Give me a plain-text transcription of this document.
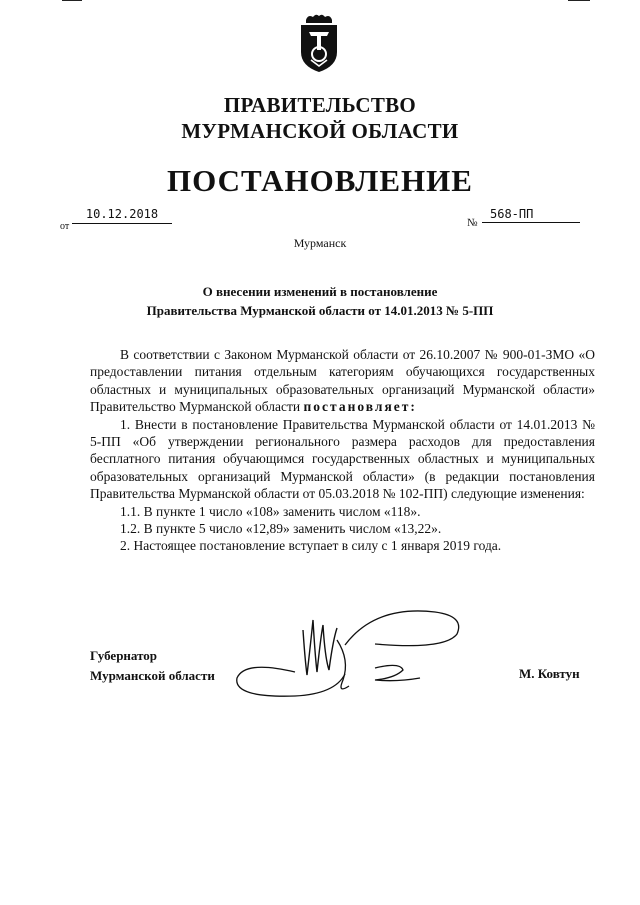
ПРАВИТЕЛЬСТВО
МУРМАНСКОЙ ОБЛАСТИ
ПОСТАНОВЛЕНИЕ
от
10.12.2018
№
568-ПП
Мурманск
О внесении изменений в постановление
Правительства Мурманской области от 14.01.2013 № 5-ПП

В соответствии с Законом Мурманской области от 26.10.2007 № 900-01-ЗМО «О предоставлении питания отдельным категориям обучающихся государственных областных и муниципальных образовательных организаций Мурманской области» Правительство Мурманской области постановляет:

1. Внести в постановление Правительства Мурманской области от 14.01.2013 № 5-ПП «Об утверждении регионального размера расходов для предоставления бесплатного питания обучающимся государственных областных и муниципальных образовательных организаций Мурманской области» (в редакции постановления Правительства Мурманской области от 05.03.2018 № 102-ПП) следующие изменения:

1.1. В пункте 1 число «108» заменить числом «118».

1.2. В пункте 5 число «12,89» заменить числом «13,22».

2. Настоящее постановление вступает в силу с 1 января 2019 года.

Губернатор
Мурманской области	М. Ковтун
